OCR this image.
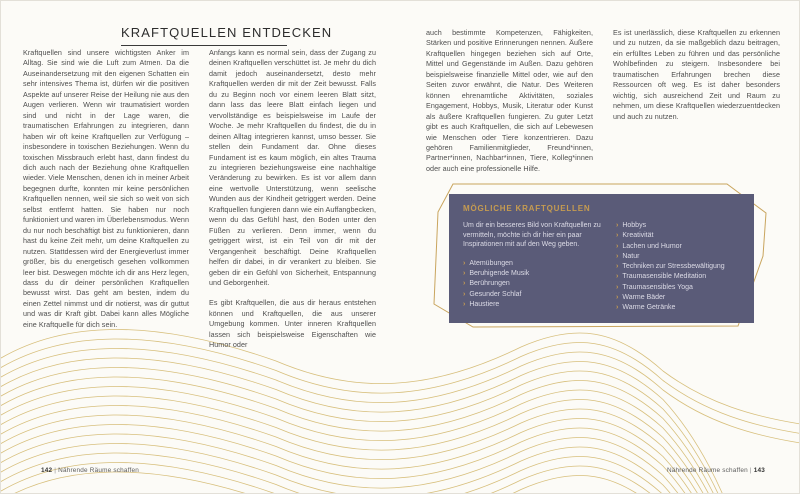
KRAFTQUELLEN ENTDECKEN

Kraftquellen sind unsere wichtigsten Anker im Alltag. Sie sind wie die Luft zum Atmen. Da die Auseinandersetzung mit den eigenen Schatten ein sehr intensives Thema ist, dürfen wir die positiven Aspekte auf unserer Reise der Heilung nie aus den Augen verlieren. Wenn wir traumatisiert worden sind und nicht in der Lage waren, die traumatischen Erfahrungen zu integrieren, dann haben wir oft keine Kraftquellen zur Verfügung – insbesondere in toxischen Beziehungen. Wenn du toxischen Missbrauch erlebt hast, dann findest du dich auch nach der Beziehung ohne Kraftquellen wieder. Viele Menschen, denen ich in meiner Arbeit begegnen durfte, konnten mir keine persönlichen Kraftquellen nennen, weil sie sich so weit von sich selbst entfernt hatten. Sie haben nur noch funktioniert und waren im Überlebensmodus. Wenn du nur noch beschäftigt bist zu funktionieren, dann hast du keine Zeit mehr, um deine Kraftquellen zu nutzen. Stattdessen wird der Energieverlust immer größer, bis du energetisch gesehen vollkommen leer bist. Deswegen möchte ich dir ans Herz legen, dass du dir deiner persönlichen Kraftquellen bewusst wirst. Das geht am besten, indem du einen Zettel nimmst und dir notierst, was dir guttut und was dir Kraft gibt. Dabei kann alles Mögliche eine Kraftquelle für dich sein.

Anfangs kann es normal sein, dass der Zugang zu deinen Kraftquellen verschüttet ist. Je mehr du dich damit jedoch auseinandersetzt, desto mehr Kraftquellen werden dir mit der Zeit bewusst. Falls du zu Beginn noch vor einem leeren Blatt sitzt, dann lass das leere Blatt einfach liegen und vervollständige es beispielsweise im Laufe der Woche. Je mehr Kraftquellen du findest, die du in deinen Alltag integrieren kannst, umso besser. Sie stellen dein Fundament dar. Ohne dieses Fundament ist es kaum möglich, ein altes Trauma zu integrieren beziehungsweise eine nachhaltige Veränderung zu bewirken. Es ist vor allem dann eine wertvolle Unterstützung, wenn seelische Wunden aus der Kindheit getriggert werden. Deine Kraftquellen fungieren dann wie ein Auffangbecken, wenn du das Gefühl hast, den Boden unter den Füßen zu verlieren. Denn immer, wenn du getriggert wirst, ist ein Teil von dir mit der Vergangenheit beschäftigt. Deine Kraftquellen helfen dir dabei, in dir verankert zu bleiben. Sie geben dir ein Gefühl von Sicherheit, Entspannung und Geborgenheit.

Es gibt Kraftquellen, die aus dir heraus entstehen können und Kraftquellen, die aus unserer Umgebung kommen. Unter inneren Kraftquellen lassen sich beispielsweise Eigenschaften wie Humor oder

auch bestimmte Kompetenzen, Fähigkeiten, Stärken und positive Erinnerungen nennen. Äußere Kraftquellen hingegen beziehen sich auf Orte, Mittel und Gegenstände im Außen. Dazu gehören beispielsweise finanzielle Mittel oder, wie auf den Seiten zuvor erwähnt, die Natur. Des Weiteren können ehrenamtliche Aktivitäten, soziales Engagement, Hobbys, Musik, Literatur oder Kunst als äußere Kraftquellen fungieren. Zu guter Letzt gibt es auch Kraftquellen, die sich auf Lebewesen wie Menschen oder Tiere konzentrieren. Dazu gehören Familienmitglieder, Freund*innen, Partner*innen, Nachbar*innen, Tiere, Kolleg*innen oder auch eine professionelle Hilfe.

Es ist unerlässlich, diese Kraftquellen zu erkennen und zu nutzen, da sie maßgeblich dazu beitragen, ein erfülltes Leben zu führen und das persönliche Wohlbefinden zu steigern. Insbesondere bei traumatischen Erfahrungen brechen diese Ressourcen oft weg. Es ist daher besonders wichtig, sich ausreichend Zeit und Raum zu nehmen, um diese Kraftquellen wiederzuentdecken und auch zu nutzen.

MÖGLICHE KRAFTQUELLEN
Um dir ein besseres Bild von Kraftquellen zu vermitteln, möchte ich dir hier ein paar Inspirationen mit auf den Weg geben.
› Atemübungen
› Beruhigende Musik
› Berührungen
› Gesunder Schlaf
› Haustiere
› Hobbys
› Kreativität
› Lachen und Humor
› Natur
› Techniken zur Stressbewältigung
› Traumasensible Meditation
› Traumasensibles Yoga
› Warme Bäder
› Warme Getränke
142 | Nährende Räume schaffen	Nährende Räume schaffen | 143
